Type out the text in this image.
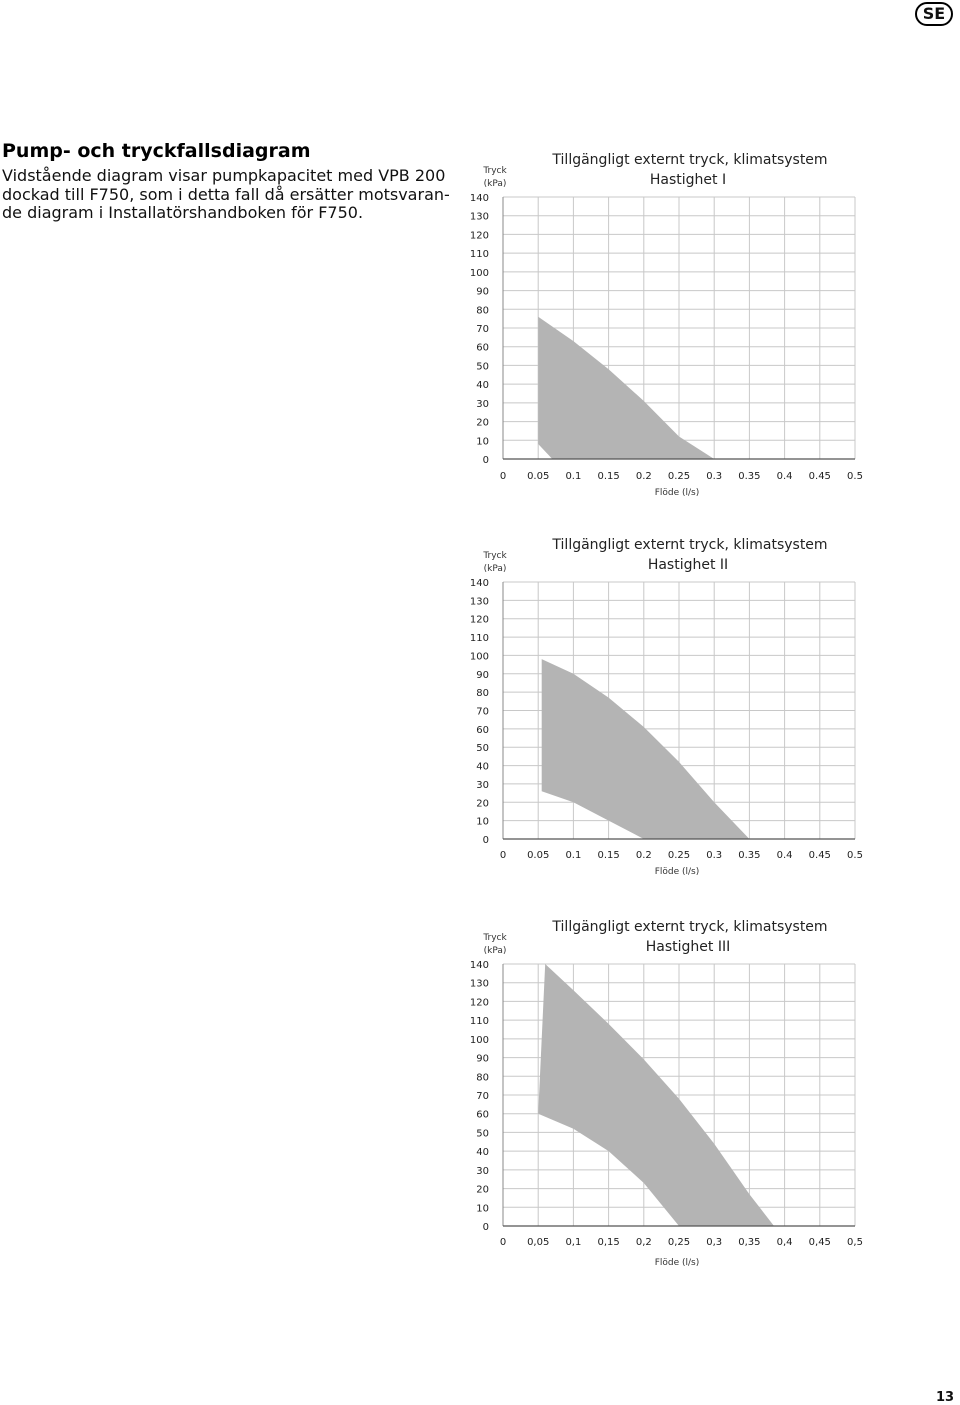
SE
Pump- och tryckfallsdiagram

Vidstående diagram visar pumpkapacitet med VPB 200
dockad till F750, som i detta fall då ersätter motsvaran-
de diagram i Installatörshandboken för F750.

0
10
20
30
40
50
60
70
80
90
100
110
120
130
140
0 0.05 0.1 0.15 0.2 0.25 0.3 0.35 0.4 0.45 0.5
Tryck
(kPa)
Flöde (l/s)
Tillgängligt externt tryck, klimatsystem
Hastighet I
0
10
20
30
40
50
60
70
80
90
100
110
120
130
140
0 0.05 0.1 0.15 0.2 0.25 0.3 0.35 0.4 0.45 0.5
Tryck
(kPa)
Flöde (l/s)
Tillgängligt externt tryck, klimatsystem
Hastighet II
0
10
20
30
40
50
60
70
80
90
100
110
120
130
140
0 0,05 0,1 0,15 0,2 0,25 0,3 0,35 0,4 0,45 0,5
Tryck
(kPa)
Flöde (l/s)
Tillgängligt externt tryck, klimatsystem
Hastighet III
13
